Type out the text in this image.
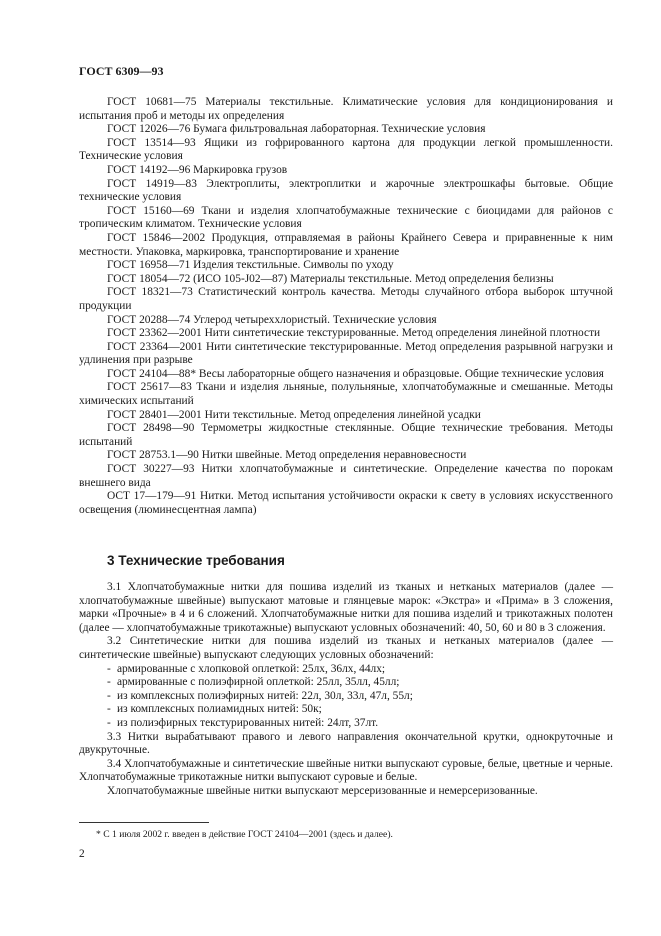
ГОСТ 6309—93

ГОСТ 10681—75 Материалы текстильные. Климатические условия для кондиционирования и испытания проб и методы их определения

ГОСТ 12026—76 Бумага фильтровальная лабораторная. Технические условия

ГОСТ 13514—93 Ящики из гофрированного картона для продукции легкой промышленности. Технические условия

ГОСТ 14192—96 Маркировка грузов

ГОСТ 14919—83 Электроплиты, электроплитки и жарочные электрошкафы бытовые. Общие технические условия

ГОСТ 15160—69 Ткани и изделия хлопчатобумажные технические с биоцидами для районов с тропическим климатом. Технические условия

ГОСТ 15846—2002 Продукция, отправляемая в районы Крайнего Севера и приравненные к ним местности. Упаковка, маркировка, транспортирование и хранение

ГОСТ 16958—71 Изделия текстильные. Символы по уходу

ГОСТ 18054—72 (ИСО 105-J02—87) Материалы текстильные. Метод определения белизны

ГОСТ 18321—73 Статистический контроль качества. Методы случайного отбора выборок штучной продукции

ГОСТ 20288—74 Углерод четыреххлористый. Технические условия

ГОСТ 23362—2001 Нити синтетические текстурированные. Метод определения линейной плотности

ГОСТ 23364—2001 Нити синтетические текстурированные. Метод определения разрывной нагрузки и удлинения при разрыве

ГОСТ 24104—88* Весы лабораторные общего назначения и образцовые. Общие технические условия

ГОСТ 25617—83 Ткани и изделия льняные, полульняные, хлопчатобумажные и смешанные. Методы химических испытаний

ГОСТ 28401—2001 Нити текстильные. Метод определения линейной усадки

ГОСТ 28498—90 Термометры жидкостные стеклянные. Общие технические требования. Методы испытаний

ГОСТ 28753.1—90 Нитки швейные. Метод определения неравновесности

ГОСТ 30227—93 Нитки хлопчатобумажные и синтетические. Определение качества по порокам внешнего вида

ОСТ 17—179—91 Нитки. Метод испытания устойчивости окраски к свету в условиях искусственного освещения (люминесцентная лампа)

3 Технические требования

3.1 Хлопчатобумажные нитки для пошива изделий из тканых и нетканых материалов (далее — хлопчатобумажные швейные) выпускают матовые и глянцевые марок: «Экстра» и «Прима» в 3 сложения, марки «Прочные» в 4 и 6 сложений. Хлопчатобумажные нитки для пошива изделий и трикотажных полотен (далее — хлопчатобумажные трикотажные) выпускают условных обозначений: 40, 50, 60 и 80 в 3 сложения.

3.2 Синтетические нитки для пошива изделий из тканых и нетканых материалов (далее — синтетические швейные) выпускают следующих условных обозначений:

- армированные с хлопковой оплеткой: 25лх, 36лх, 44лх;

- армированные с полиэфирной оплеткой: 25лл, 35лл, 45лл;

- из комплексных полиэфирных нитей: 22л, 30л, 33л, 47л, 55л;

- из комплексных полиамидных нитей: 50к;

- из полиэфирных текстурированных нитей: 24лт, 37лт.

3.3 Нитки вырабатывают правого и левого направления окончательной крутки, однокруточные и двукруточные.

3.4 Хлопчатобумажные и синтетические швейные нитки выпускают суровые, белые, цветные и черные. Хлопчатобумажные трикотажные нитки выпускают суровые и белые.

Хлопчатобумажные швейные нитки выпускают мерсеризованные и немерсеризованные.

* С 1 июля 2002 г. введен в действие ГОСТ 24104—2001 (здесь и далее).
2
